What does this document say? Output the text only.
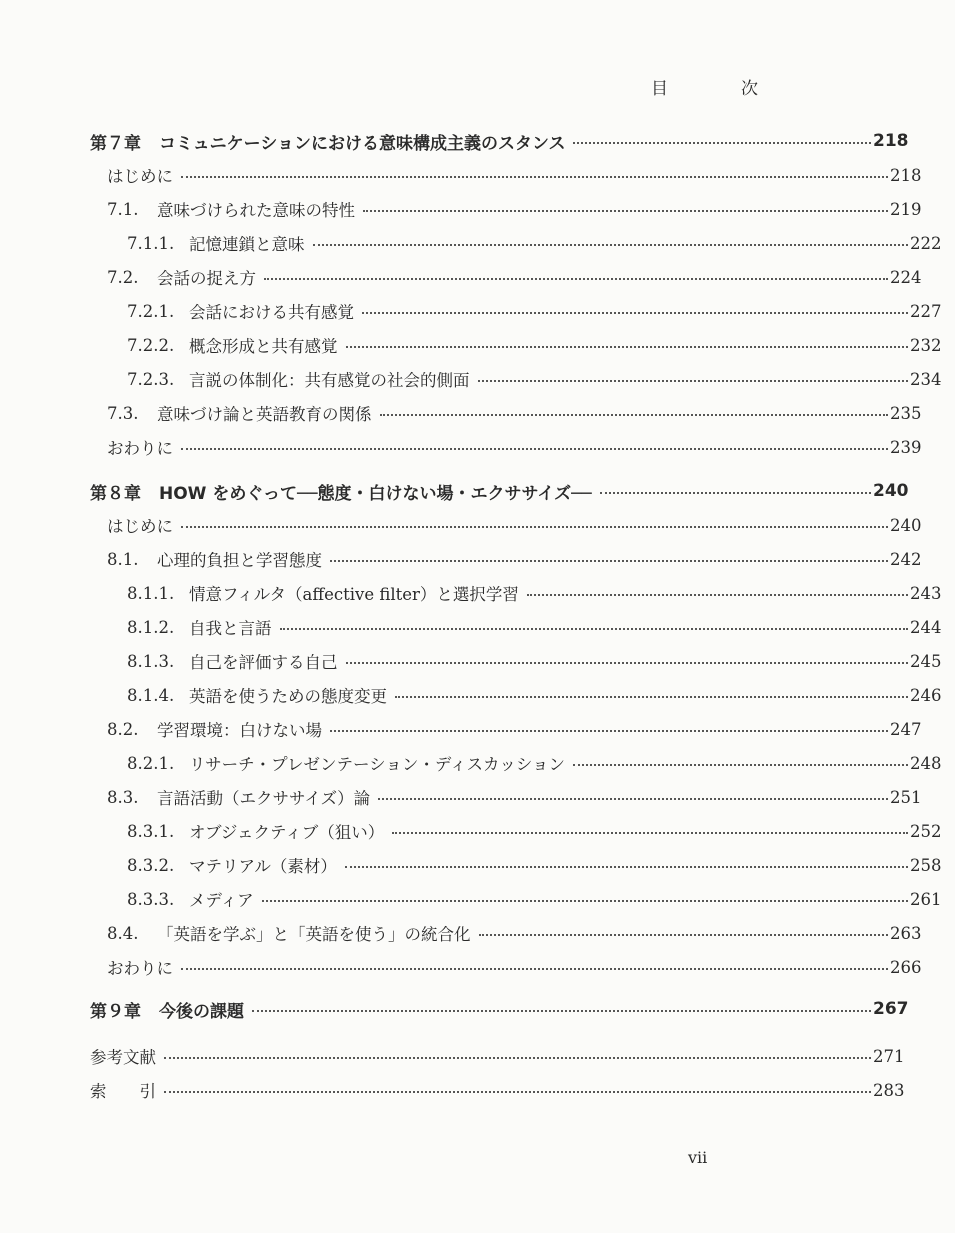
目　次
第７章 コミュニケーションにおける意味構成主義のスタンス	218
はじめに	218
7.1.	意味づけられた意味の特性	219
7.1.1. 記憶連鎖と意味	222
7.2.	会話の捉え方	224
7.2.1. 会話における共有感覚	227
7.2.2. 概念形成と共有感覚	232
7.2.3. 言説の体制化：共有感覚の社会的側面	234
7.3.	意味づけ論と英語教育の関係	235
おわりに	239
第８章 HOW をめぐって──態度・白けない場・エクササイズ──	240
はじめに	240
8.1.	心理的負担と学習態度	242
8.1.1. 情意フィルタ（affective filter）と選択学習	243
8.1.2. 自我と言語	244
8.1.3. 自己を評価する自己	245
8.1.4. 英語を使うための態度変更	246
8.2.	学習環境：白けない場	247
8.2.1. リサーチ・プレゼンテーション・ディスカッション	248
8.3.	言語活動（エクササイズ）論	251
8.3.1. オブジェクティブ（狙い）	252
8.3.2. マテリアル（素材）	258
8.3.3. メディア	261
8.4.	「英語を学ぶ」と「英語を使う」の統合化	263
おわりに	266
第９章 今後の課題	267
参考文献	271
索　　引	283
vii
